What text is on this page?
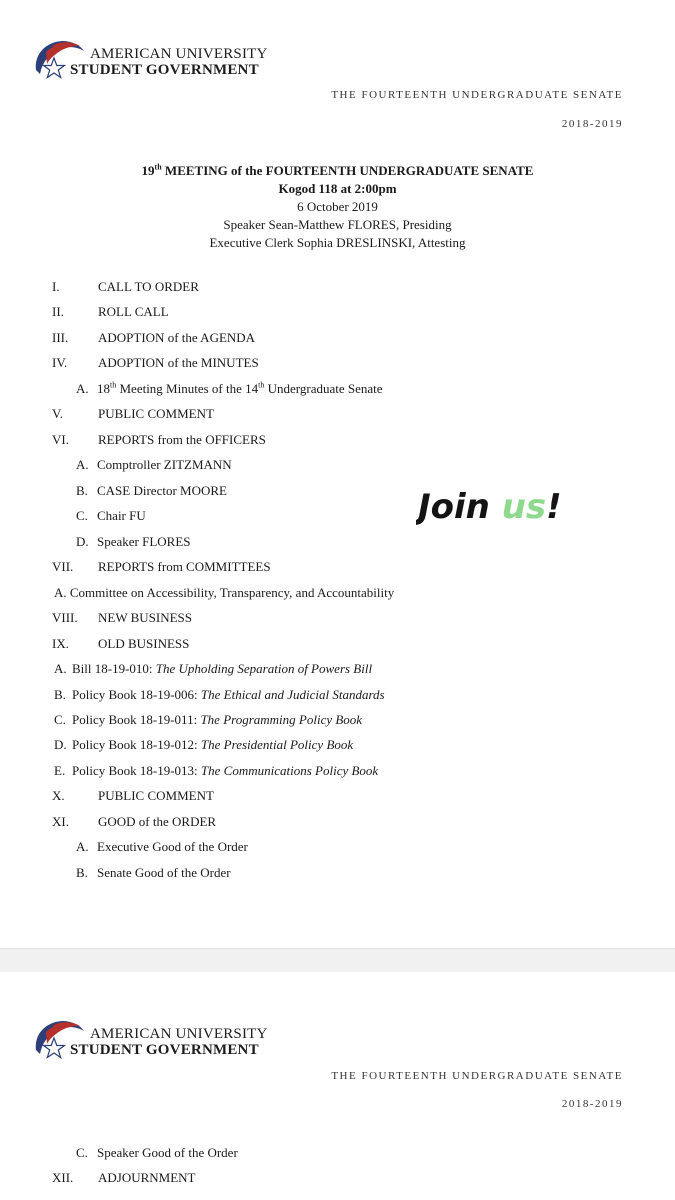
AMERICAN UNIVERSITY
STUDENT GOVERNMENT
THE FOURTEENTH UNDERGRADUATE SENATE
2018-2019
19th MEETING of the FOURTEENTH UNDERGRADUATE SENATE
Kogod 118 at 2:00pm
6 October 2019
Speaker Sean-Matthew FLORES, Presiding
Executive Clerk Sophia DRESLINSKI, Attesting
I.	CALL TO ORDER
II.	ROLL CALL
III. ADOPTION of the AGENDA
IV. ADOPTION of the MINUTES
A. 18th Meeting Minutes of the 14th Undergraduate Senate
V.	PUBLIC COMMENT
VI. REPORTS from the OFFICERS
A. Comptroller ZITZMANN
B. CASE Director MOORE
C. Chair FU
D. Speaker FLORES
VII. REPORTS from COMMITTEES
A. Committee on Accessibility, Transparency, and Accountability
VIII. NEW BUSINESS
IX. OLD BUSINESS
A. Bill 18-19-010: The Upholding Separation of Powers Bill
B. Policy Book 18-19-006: The Ethical and Judicial Standards
C. Policy Book 18-19-011: The Programming Policy Book
D. Policy Book 18-19-012: The Presidential Policy Book
E. Policy Book 18-19-013: The Communications Policy Book
X.	PUBLIC COMMENT
XI. GOOD of the ORDER
A. Executive Good of the Order
B. Senate Good of the Order
Join us!
AMERICAN UNIVERSITY
STUDENT GOVERNMENT
THE FOURTEENTH UNDERGRADUATE SENATE
2018-2019
C. Speaker Good of the Order
XII. ADJOURNMENT
